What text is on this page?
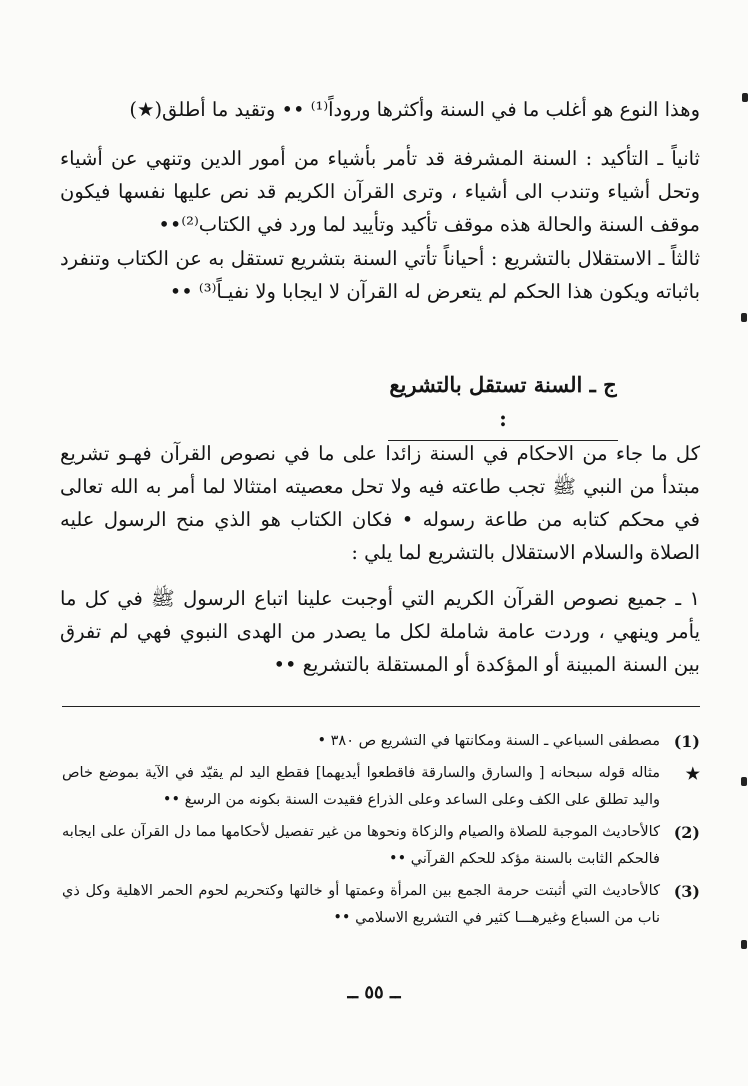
وهذا النوع هو أغلب ما في السنة وأكثرها وروداً⁽¹⁾ •• وتقيد ما أطلق(★)

ثانياً ـ التأكيد : السنة المشرفة قد تأمر بأشياء من أمور الدين وتنهي عن أشياء وتحل أشياء وتندب الى أشياء ، وترى القرآن الكريم قد نص عليها نفسها فيكون موقف السنة والحالة هذه موقف تأكيد وتأييد لما ورد في الكتاب⁽²⁾••

ثالثاً ـ الاستقلال بالتشريع : أحياناً تأتي السنة بتشريع تستقل به عن الكتاب وتنفرد باثباته ويكون هذا الحكم لم يتعرض له القرآن لا ايجابا ولا نفيـاً⁽³⁾ ••

ج ـ السنة تستقل بالتشريع :

كل ما جاء من الاحكام في السنة زائدا على ما في نصوص القرآن فهـو تشريع مبتدأ من النبي ﷺ تجب طاعته فيه ولا تحل معصيته امتثالا لما أمر به الله تعالى في محكم كتابه من طاعة رسوله • فكان الكتاب هو الذي منح الرسول عليه الصلاة والسلام الاستقلال بالتشريع لما يلي :

١ ـ جميع نصوص القرآن الكريم التي أوجبت علينا اتباع الرسول ﷺ في كل ما يأمر وينهي ، وردت عامة شاملة لكل ما يصدر من الهدى النبوي فهي لم تفرق بين السنة المبينة أو المؤكدة أو المستقلة بالتشريع ••

(1)
مصطفى السباعي ـ السنة ومكانتها في التشريع ص ٣٨٠ •
★
مثاله قوله سبحانه [ والسارق والسارقة فاقطعوا أيديهما] فقطع اليد لم يقيّد في الآية بموضع خاص واليد تطلق على الكف وعلى الساعد وعلى الذراع فقيدت السنة بكونه من الرسغ ••
(2)
كالأحاديث الموجبة للصلاة والصيام والزكاة ونحوها من غير تفصيل لأحكامها مما دل القرآن على ايجابه فالحكم الثابت بالسنة مؤكد للحكم القرآني ••
(3)
كالأحاديث التي أثبتت حرمة الجمع بين المرأة وعمتها أو خالتها وكتحريم لحوم الحمر الاهلية وكل ذي ناب من السباع وغيرهـــا كثير في التشريع الاسلامي ••
ــ ٥٥ ــ
